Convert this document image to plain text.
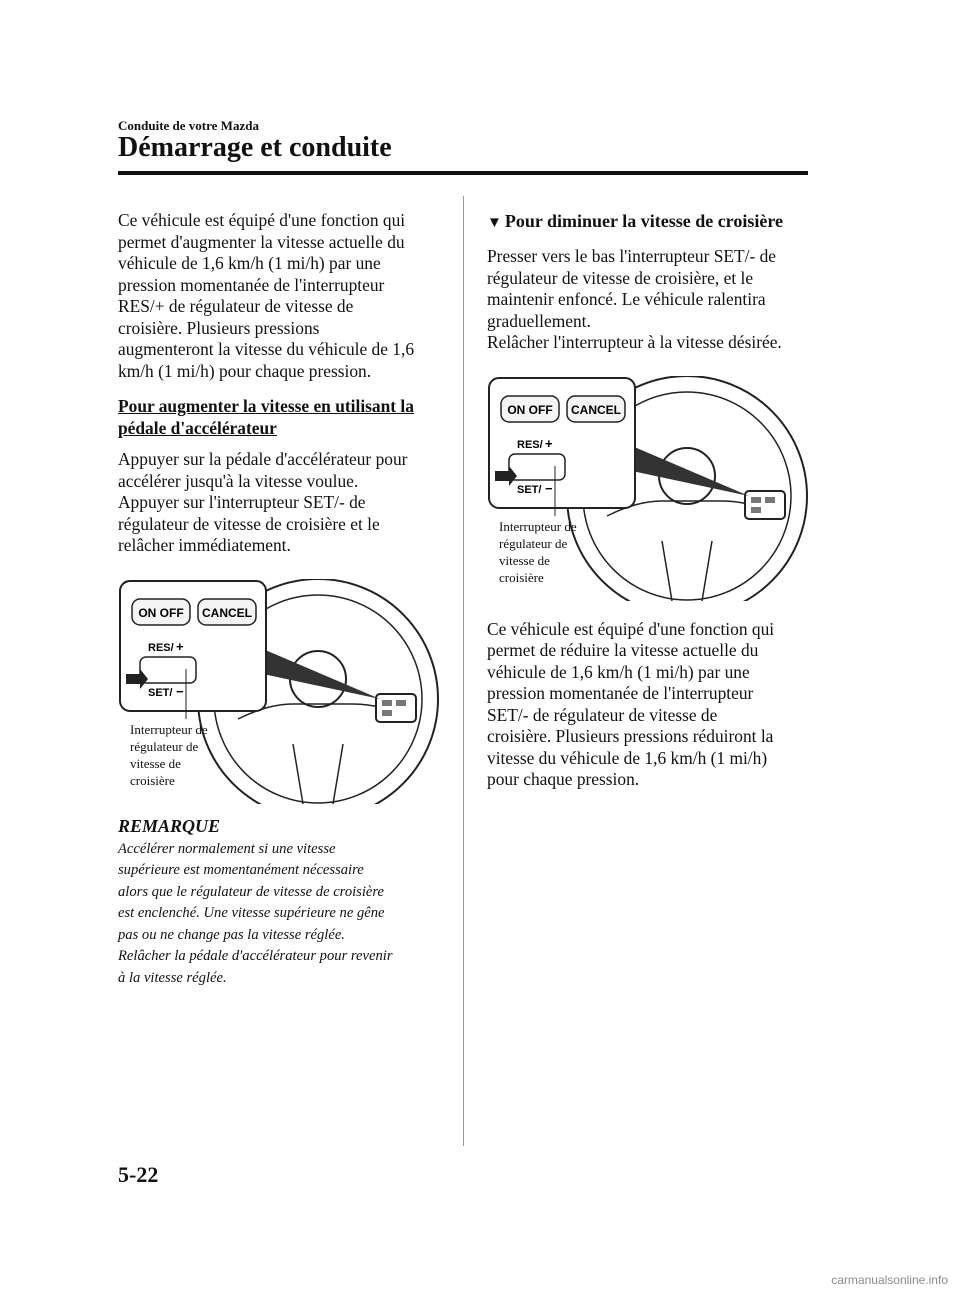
Conduite de votre Mazda
Démarrage et conduite

Ce véhicule est équipé d'une fonction qui
permet d'augmenter la vitesse actuelle du
véhicule de 1,6 km/h (1 mi/h) par une
pression momentanée de l'interrupteur
RES/+ de régulateur de vitesse de
croisière. Plusieurs pressions
augmenteront la vitesse du véhicule de 1,6
km/h (1 mi/h) pour chaque pression.

Pour augmenter la vitesse en utilisant la
pédale d'accélérateur

Appuyer sur la pédale d'accélérateur pour
accélérer jusqu'à la vitesse voulue.
Appuyer sur l'interrupteur SET/- de
régulateur de vitesse de croisière et le
relâcher immédiatement.

ON OFF CANCEL
RES/ +
SET/ −
Interrupteur de
régulateur de
vitesse de
croisière
REMARQUE

Accélérer normalement si une vitesse
supérieure est momentanément nécessaire
alors que le régulateur de vitesse de croisière
est enclenché. Une vitesse supérieure ne gêne
pas ou ne change pas la vitesse réglée.
Relâcher la pédale d'accélérateur pour revenir
à la vitesse réglée.

▼ Pour diminuer la vitesse de croisière

Presser vers le bas l'interrupteur SET/- de
régulateur de vitesse de croisière, et le
maintenir enfoncé. Le véhicule ralentira
graduellement.
Relâcher l'interrupteur à la vitesse désirée.

ON OFF CANCEL
RES/ +
SET/ −
Interrupteur de
régulateur de
vitesse de
croisière

Ce véhicule est équipé d'une fonction qui
permet de réduire la vitesse actuelle du
véhicule de 1,6 km/h (1 mi/h) par une
pression momentanée de l'interrupteur
SET/- de régulateur de vitesse de
croisière. Plusieurs pressions réduiront la
vitesse du véhicule de 1,6 km/h (1 mi/h)
pour chaque pression.

5-22
carmanualsonline.info
